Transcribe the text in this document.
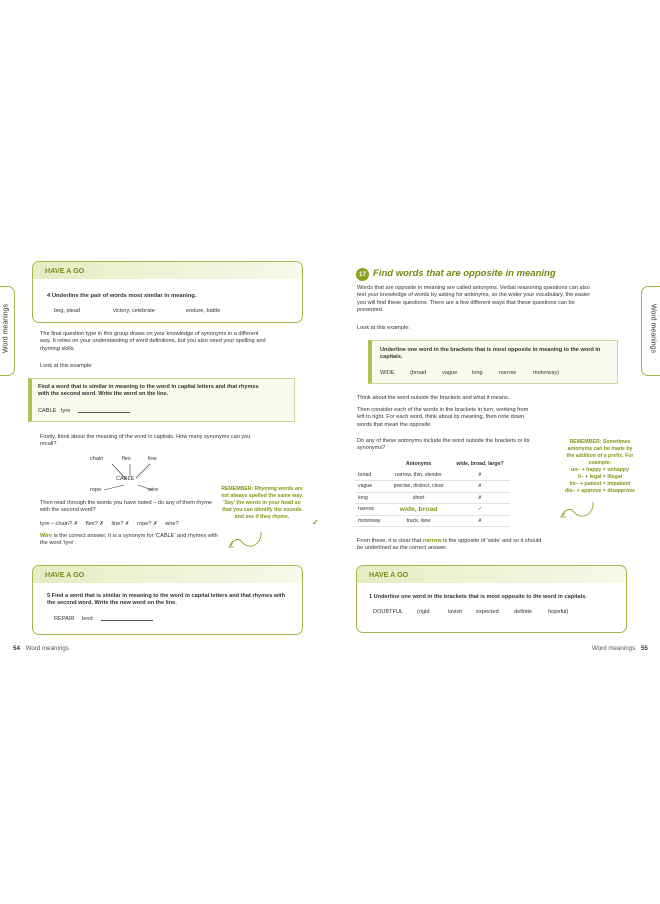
Word meanings
HAVE A GO
4 Underline the pair of words most similar in meaning.
beg, plead	victory, celebrate	endure, battle
The final question type in this group draws on your knowledge of synonyms in a different way. It relies on your understanding of word definitions, but you also need your spelling and rhyming skills.
Look at this example:
Find a word that is similar in meaning to the word in capital letters and that rhymes with the second word. Write the word on the line.
CABLE tyre
Firstly, think about the meaning of the word in capitals. How many synonyms can you recall?
chain	flex	line
CABLE
rope	wire
Then read through the words you have noted – do any of them rhyme with the second word?
tyre – chain? ✗ flex? ✗ line? ✗ rope? ✗ wire?	✓
Wire is the correct answer. It is a synonym for 'CABLE' and rhymes with the word 'tyre'.
REMEMBER: Rhyming words are not always spelled the same way. 'Say' the words in your head so that you can identify the sounds and see if they rhyme.
HAVE A GO
5 Find a word that is similar in meaning to the word in capital letters and that rhymes with the second word. Write the new word on the line.
REPAIR lend
54 Word meanings
Word meanings
17 Find words that are opposite in meaning
Words that are opposite in meaning are called antonyms. Verbal reasoning questions can also test your knowledge of words by asking for antonyms, so the wider your vocabulary, the easier you will find these questions. There are a few different ways that these questions can be presented.
Look at this example:
Underline one word in the brackets that is most opposite in meaning to the word in capitals.
WIDE	(broad	vague	long	narrow	motorway)
Think about the word outside the brackets and what it means.
Then consider each of the words in the brackets in turn, working from left to right. For each word, think about its meaning, then note down words that mean the opposite.
Do any of these antonyms include the word outside the brackets or its synonyms?
	Antonyms	wide, broad, large?
broad	narrow, thin, slender	✗
vague	precise, distinct, clear	✗
long	short	✗
narrow	wide, broad	✓
motorway	track, lane	✗
REMEMBER: Sometimes antonyms can be made by the addition of a prefix. For example:
un– + happy = unhappy
il– + legal = illegal
im– + patient = impatient
dis– + approve = disapprove
From these, it is clear that narrow is the opposite of 'wide' and so it should be underlined as the correct answer.
HAVE A GO
1 Underline one word in the brackets that is most opposite to the word in capitals.
DOUBTFUL (rigid	lavish expected	definite	hopeful)
Word meanings 55
